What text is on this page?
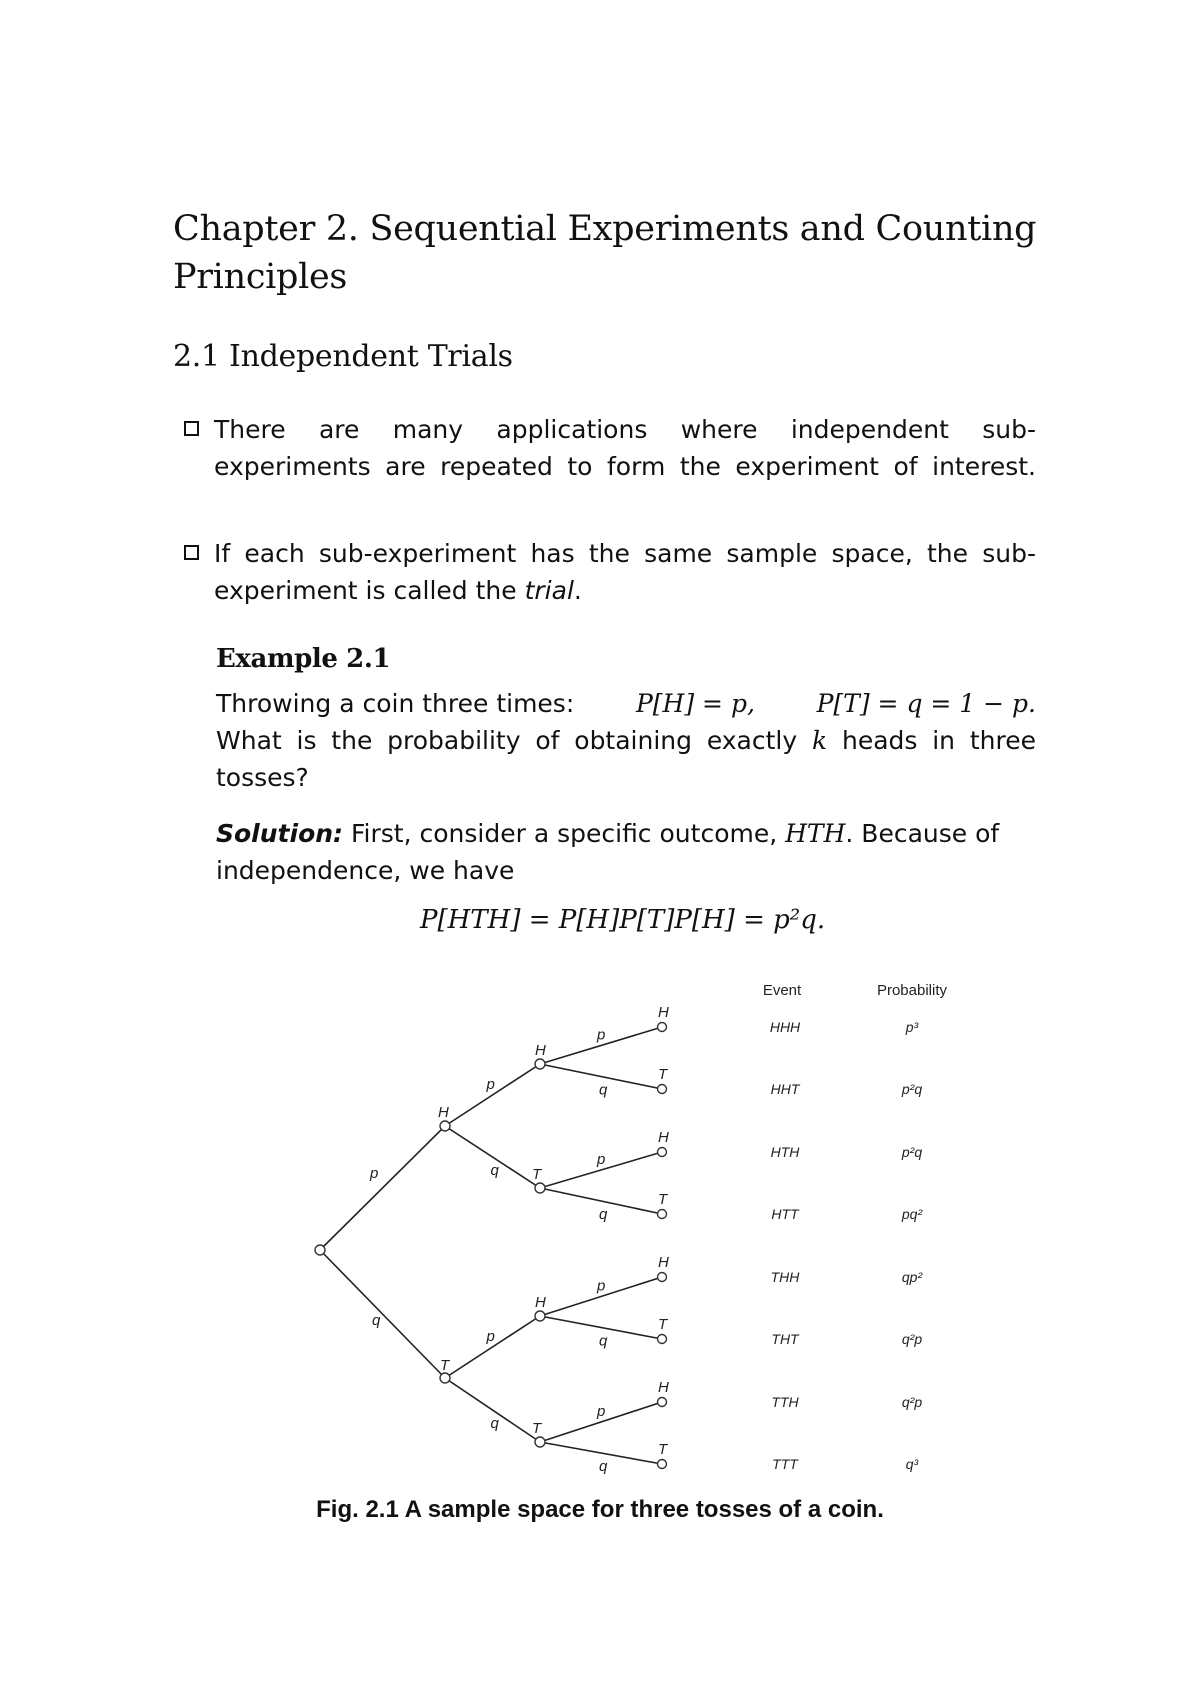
Chapter 2. Sequential Experiments and Counting Principles
2.1 Independent Trials
There are many applications where independent sub-experiments are repeated to form the experiment of interest.
If each sub-experiment has the same sample space, the sub-experiment is called the trial.
Example 2.1
Throwing a coin three times: P[H] = p, P[T] = q = 1 − p.
What is the probability of obtaining exactly k heads in three tosses?
Solution: First, consider a specific outcome, HTH. Because of independence, we have
P[HTH] = P[H]P[T]P[H] = p²q.
p
q
H
T
p
q
H
T
p
q
H
T
p
q
H
T
p
q
H
T
p
q
H
T
p
q
H
T
Event	Probability
HHH	p³
HHT	p²q
HTH	p²q
HTT	pq²
THH	qp²
THT	q²p
TTH	q²p
TTT	q³
Fig. 2.1 A sample space for three tosses of a coin.
